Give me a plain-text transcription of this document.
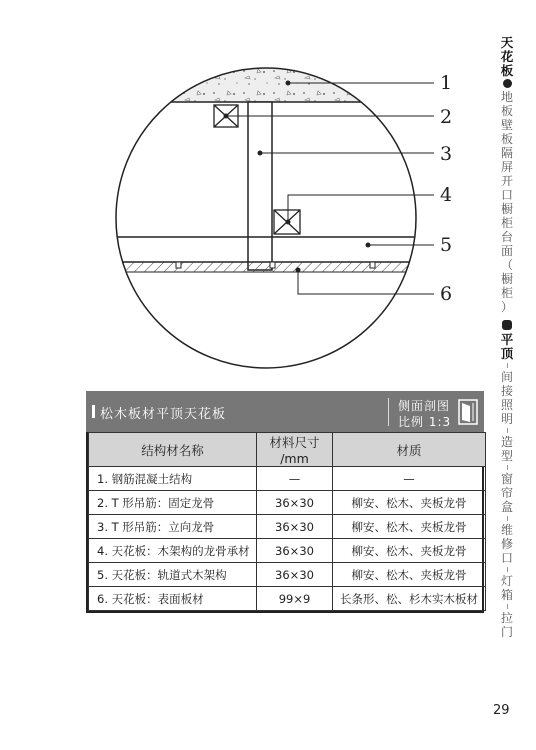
1
2
3
4
5
6
天
花
板
地
板
壁
板
隔
屏
开
口
橱
柜
台
面
（
橱
柜
）
平
顶
间
接
照
明
造
型
窗
帘
盒
维
修
口
灯
箱
拉
门
松木板材平顶天花板
侧面剖图
比例 1:3
结构材名称	材料尺寸 /mm	材质
1. 钢筋混凝土结构	—	—
2. T 形吊筋：固定龙骨	36×30	柳安、松木、夹板龙骨
3. T 形吊筋：立向龙骨	36×30	柳安、松木、夹板龙骨
4. 天花板：木架构的龙骨承材	36×30	柳安、松木、夹板龙骨
5. 天花板：轨道式木架构	36×30	柳安、松木、夹板龙骨
6. 天花板：表面板材	99×9	长条形、松、杉木实木板材
29
